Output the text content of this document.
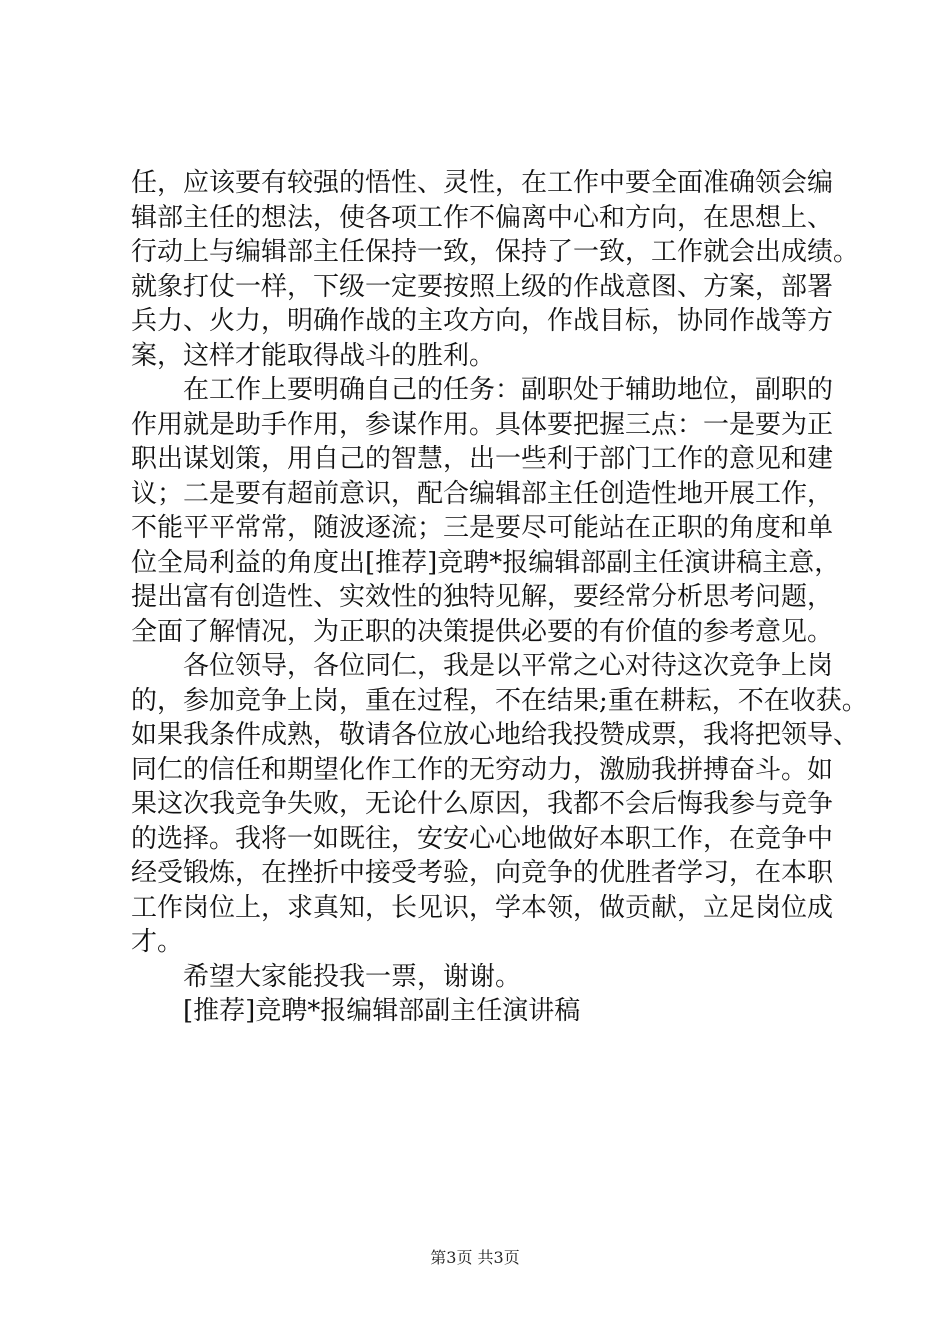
任，应该要有较强的悟性、灵性，在工作中要全面准确领会编
辑部主任的想法，使各项工作不偏离中心和方向，在思想上、
行动上与编辑部主任保持一致，保持了一致，工作就会出成绩。
就象打仗一样，下级一定要按照上级的作战意图、方案，部署
兵力、火力，明确作战的主攻方向，作战目标，协同作战等方
案，这样才能取得战斗的胜利。
在工作上要明确自己的任务：副职处于辅助地位，副职的
作用就是助手作用，参谋作用。具体要把握三点：一是要为正
职出谋划策，用自己的智慧，出一些利于部门工作的意见和建
议；二是要有超前意识，配合编辑部主任创造性地开展工作，
不能平平常常，随波逐流；三是要尽可能站在正职的角度和单
位全局利益的角度出[推荐]竞聘*报编辑部副主任演讲稿主意，
提出富有创造性、实效性的独特见解，要经常分析思考问题，
全面了解情况，为正职的决策提供必要的有价值的参考意见。
各位领导，各位同仁，我是以平常之心对待这次竞争上岗
的，参加竞争上岗，重在过程，不在结果;重在耕耘，不在收获。
如果我条件成熟，敬请各位放心地给我投赞成票，我将把领导、
同仁的信任和期望化作工作的无穷动力，激励我拼搏奋斗。如
果这次我竞争失败，无论什么原因，我都不会后悔我参与竞争
的选择。我将一如既往，安安心心地做好本职工作，在竞争中
经受锻炼，在挫折中接受考验，向竞争的优胜者学习，在本职
工作岗位上，求真知，长见识，学本领，做贡献，立足岗位成
才。
希望大家能投我一票，谢谢。
[推荐]竞聘*报编辑部副主任演讲稿
第3页 共3页
